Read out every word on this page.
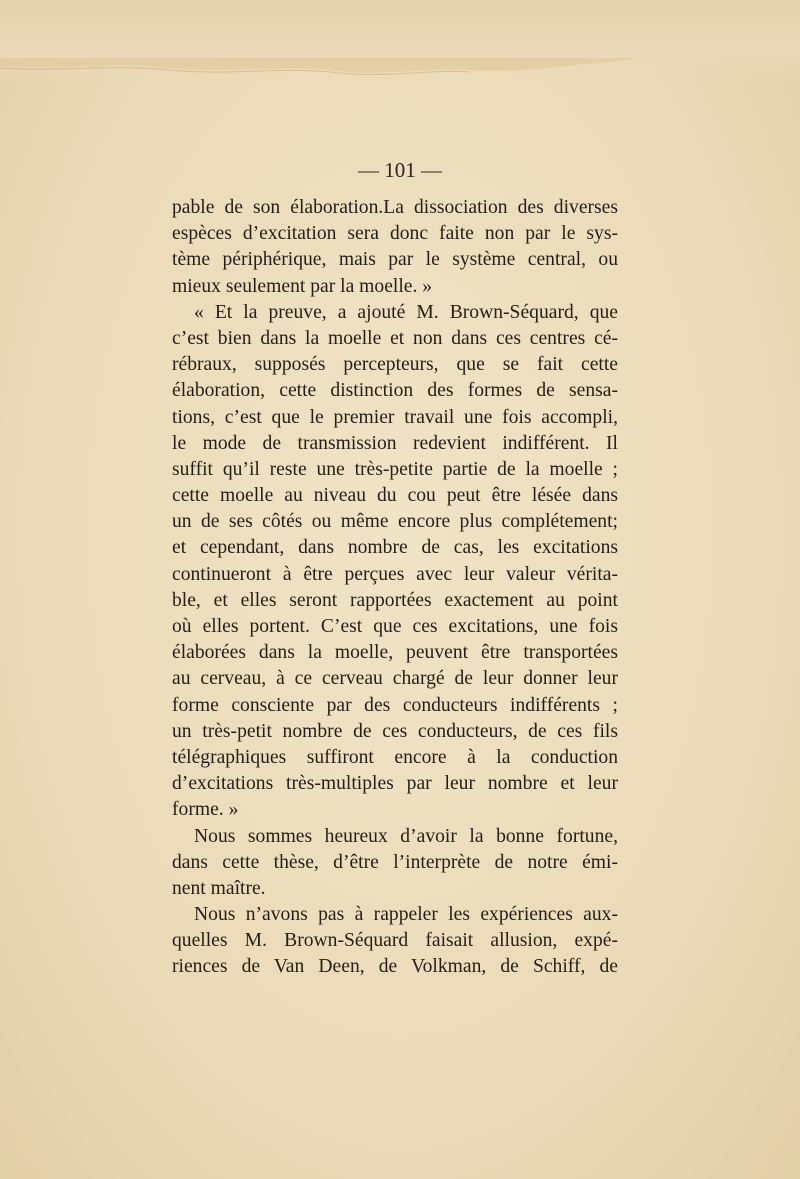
— 101 —
pable de son élaboration.La dissociation des diverses
espèces d’excitation sera donc faite non par le sys-
tème périphérique, mais par le système central, ou
mieux seulement par la moelle. »
« Et la preuve, a ajouté M. Brown-Séquard, que
c’est bien dans la moelle et non dans ces centres cé-
rébraux, supposés percepteurs, que se fait cette
élaboration, cette distinction des formes de sensa-
tions, c’est que le premier travail une fois accompli,
le mode de transmission redevient indifférent. Il
suffit qu’il reste une très-petite partie de la moelle ;
cette moelle au niveau du cou peut être lésée dans
un de ses côtés ou même encore plus complétement;
et cependant, dans nombre de cas, les excitations
continueront à être perçues avec leur valeur vérita-
ble, et elles seront rapportées exactement au point
où elles portent. C’est que ces excitations, une fois
élaborées dans la moelle, peuvent être transportées
au cerveau, à ce cerveau chargé de leur donner leur
forme consciente par des conducteurs indifférents ;
un très-petit nombre de ces conducteurs, de ces fils
télégraphiques suffiront encore à la conduction
d’excitations très-multiples par leur nombre et leur
forme. »
Nous sommes heureux d’avoir la bonne fortune,
dans cette thèse, d’être l’interprète de notre émi-
nent maître.
Nous n’avons pas à rappeler les expériences aux-
quelles M. Brown-Séquard faisait allusion, expé-
riences de Van Deen, de Volkman, de Schiff, de
